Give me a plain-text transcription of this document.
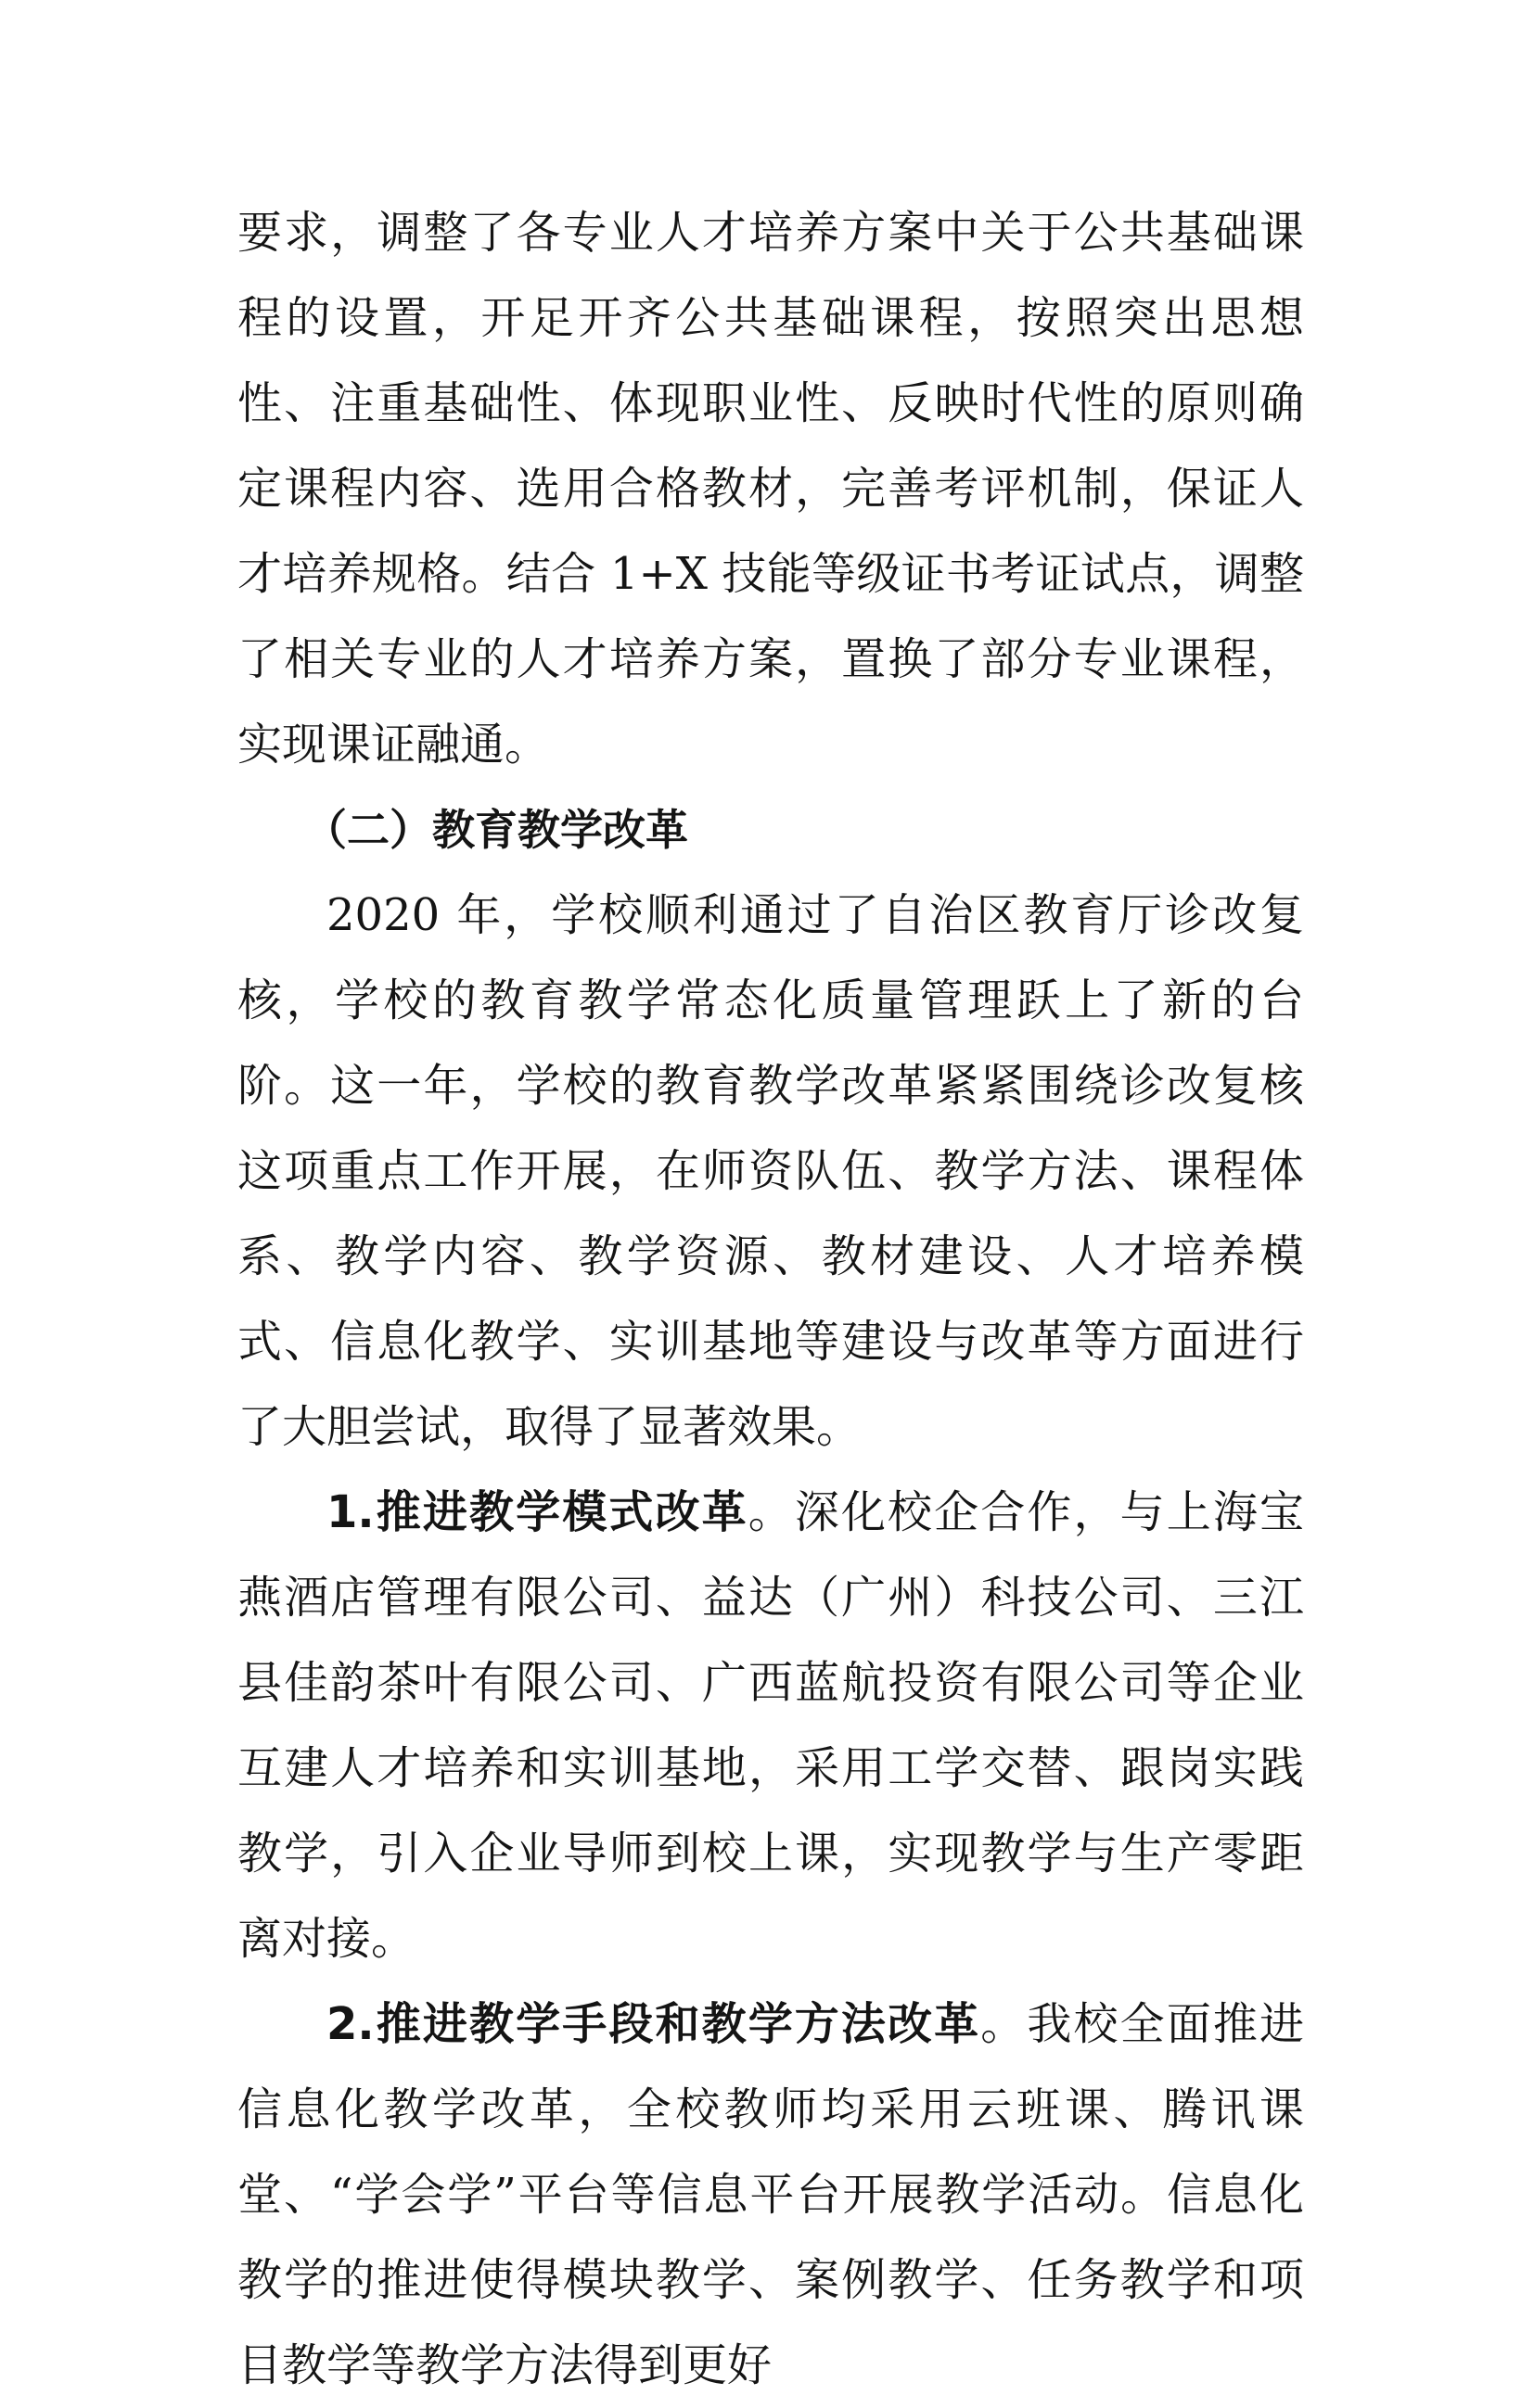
要求，调整了各专业人才培养方案中关于公共基础课程的设置，开足开齐公共基础课程，按照突出思想性、注重基础性、体现职业性、反映时代性的原则确定课程内容、选用合格教材，完善考评机制，保证人才培养规格。结合 1+X 技能等级证书考证试点，调整了相关专业的人才培养方案，置换了部分专业课程，实现课证融通。

（二）教育教学改革

2020 年，学校顺利通过了自治区教育厅诊改复核，学校的教育教学常态化质量管理跃上了新的台阶。这一年，学校的教育教学改革紧紧围绕诊改复核这项重点工作开展，在师资队伍、教学方法、课程体系、教学内容、教学资源、教材建设、人才培养模式、信息化教学、实训基地等建设与改革等方面进行了大胆尝试，取得了显著效果。

1.推进教学模式改革。深化校企合作，与上海宝燕酒店管理有限公司、益达（广州）科技公司、三江县佳韵茶叶有限公司、广西蓝航投资有限公司等企业互建人才培养和实训基地，采用工学交替、跟岗实践教学，引入企业导师到校上课，实现教学与生产零距离对接。

2.推进教学手段和教学方法改革。我校全面推进信息化教学改革，全校教师均采用云班课、腾讯课堂、“学会学”平台等信息平台开展教学活动。信息化教学的推进使得模块教学、案例教学、任务教学和项目教学等教学方法得到更好
